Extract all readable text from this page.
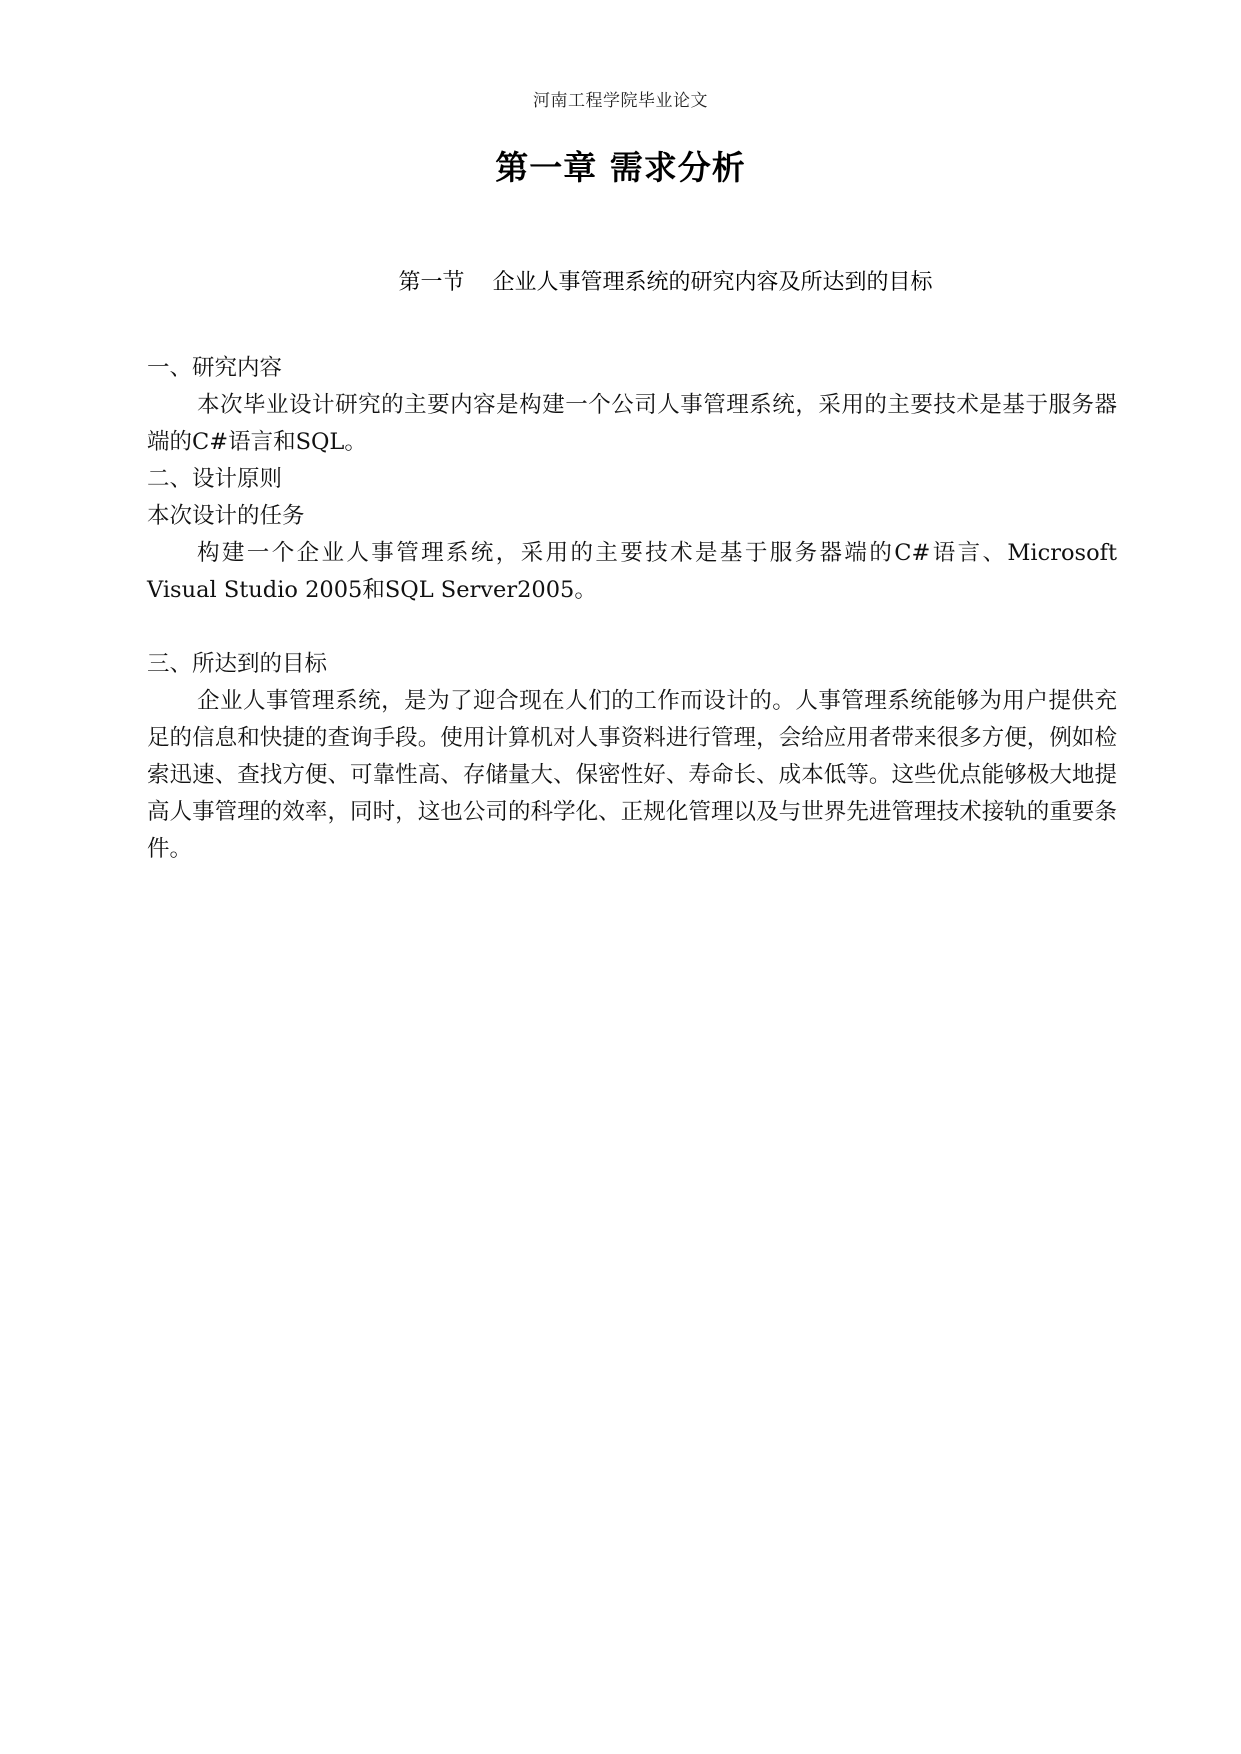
河南工程学院毕业论文
第一章 需求分析
第一节 企业人事管理系统的研究内容及所达到的目标

一、研究内容

本次毕业设计研究的主要内容是构建一个公司人事管理系统，采用的主要技术是基于服务器端的C#语言和SQL。

二、设计原则

本次设计的任务

构建一个企业人事管理系统，采用的主要技术是基于服务器端的C#语言、Microsoft Visual Studio 2005和SQL Server2005。

三、所达到的目标

企业人事管理系统，是为了迎合现在人们的工作而设计的。人事管理系统能够为用户提供充足的信息和快捷的查询手段。使用计算机对人事资料进行管理，会给应用者带来很多方便，例如检索迅速、查找方便、可靠性高、存储量大、保密性好、寿命长、成本低等。这些优点能够极大地提高人事管理的效率，同时，这也公司的科学化、正规化管理以及与世界先进管理技术接轨的重要条件。
